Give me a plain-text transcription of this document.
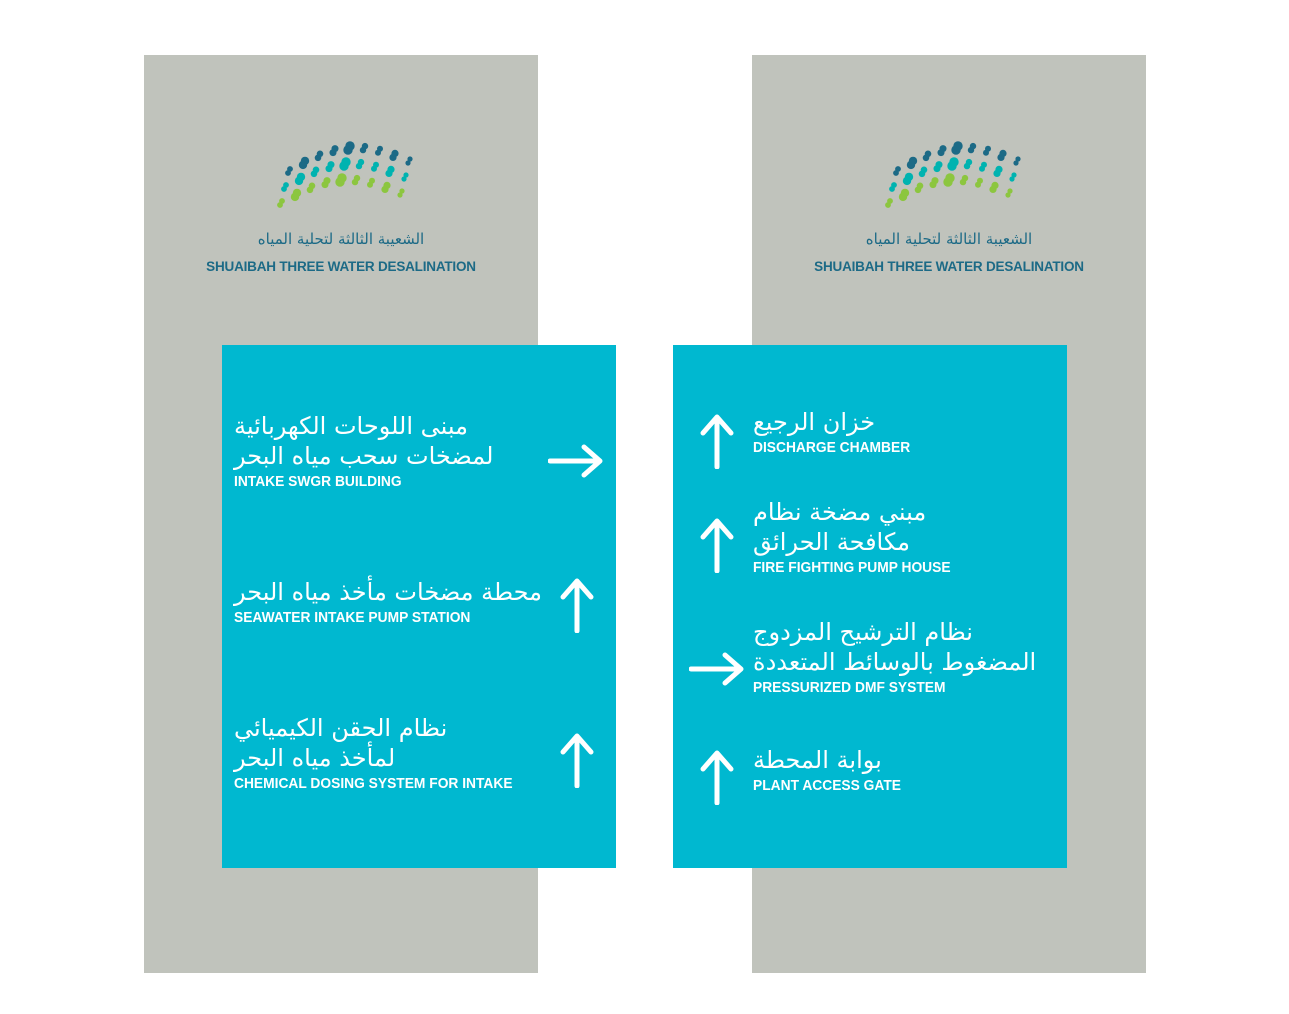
الشعيبة الثالثة لتحلية المياه
SHUAIBAH THREE WATER DESALINATION
الشعيبة الثالثة لتحلية المياه
SHUAIBAH THREE WATER DESALINATION
مبنى اللوحات الكهربائية
لمضخات سحب مياه البحر
INTAKE SWGR BUILDING
محطة مضخات مأخذ مياه البحر
SEAWATER INTAKE PUMP STATION
نظام الحقن الكيميائي
لمأخذ مياه البحر
CHEMICAL DOSING SYSTEM FOR INTAKE
خزان الرجيع
DISCHARGE CHAMBER
مبني مضخة نظام
مكافحة الحرائق
FIRE FIGHTING PUMP HOUSE
نظام الترشيح المزدوج
المضغوط بالوسائط المتعددة
PRESSURIZED DMF SYSTEM
بوابة المحطة
PLANT ACCESS GATE
